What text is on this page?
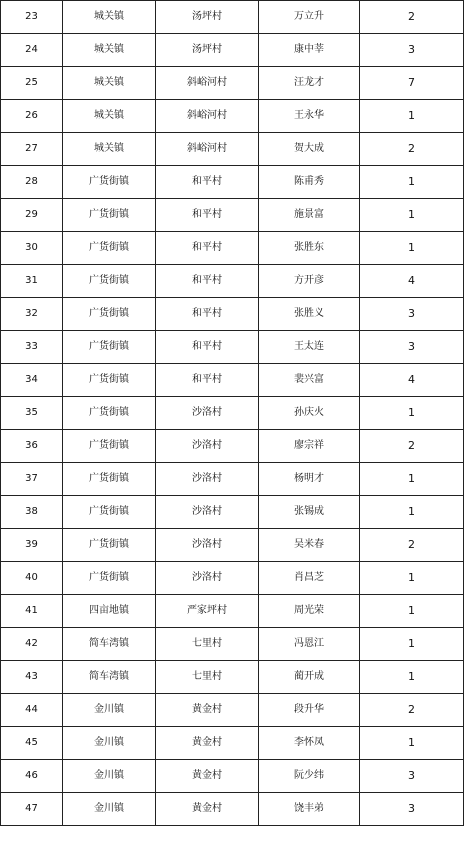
23	城关镇	汤坪村	万立升	2
24	城关镇	汤坪村	康中莘	3
25	城关镇	斜峪河村	汪龙才	7
26	城关镇	斜峪河村	王永华	1
27	城关镇	斜峪河村	贺大成	2
28	广货街镇	和平村	陈甫秀	1
29	广货街镇	和平村	施景富	1
30	广货街镇	和平村	张胜东	1
31	广货街镇	和平村	方开彦	4
32	广货街镇	和平村	张胜义	3
33	广货街镇	和平村	王太连	3
34	广货街镇	和平村	裴兴富	4
35	广货街镇	沙洛村	孙庆火	1
36	广货街镇	沙洛村	廖宗祥	2
37	广货街镇	沙洛村	杨明才	1
38	广货街镇	沙洛村	张锡成	1
39	广货街镇	沙洛村	吴米春	2
40	广货街镇	沙洛村	肖昌芝	1
41	四亩地镇	严家坪村	周光荣	1
42	简车湾镇	七里村	冯恩江	1
43	简车湾镇	七里村	蔺开成	1
44	金川镇	黄金村	段升华	2
45	金川镇	黄金村	李怀凤	1
46	金川镇	黄金村	阮少纬	3
47	金川镇	黄金村	饶丰弟	3
